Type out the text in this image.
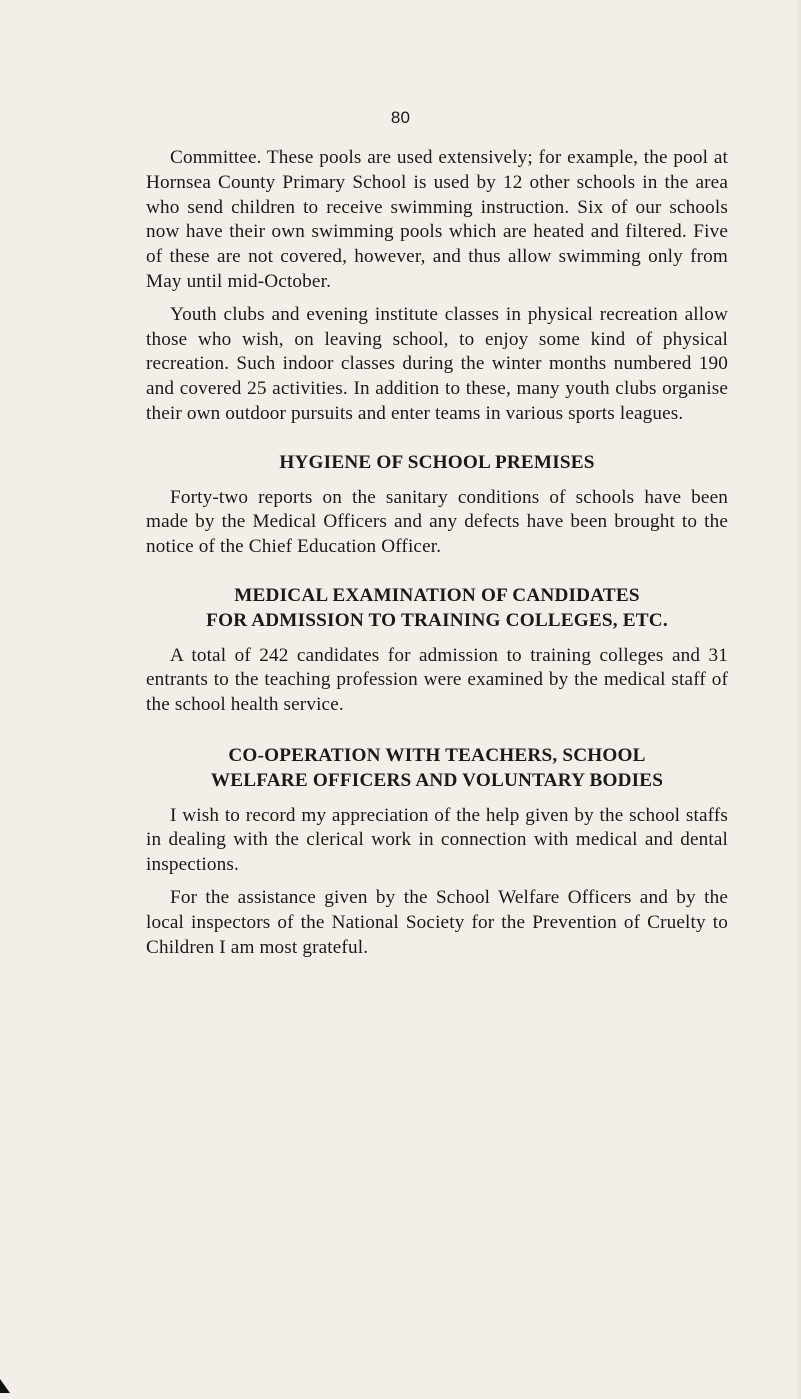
80

Committee. These pools are used extensively; for example, the pool at Hornsea County Primary School is used by 12 other schools in the area who send children to receive swimming instruction. Six of our schools now have their own swimming pools which are heated and filtered. Five of these are not covered, however, and thus allow swimming only from May until mid-October.

Youth clubs and evening institute classes in physical recreation allow those who wish, on leaving school, to enjoy some kind of physical recreation. Such indoor classes during the winter months numbered 190 and covered 25 activities. In addition to these, many youth clubs organise their own outdoor pursuits and enter teams in various sports leagues.

HYGIENE OF SCHOOL PREMISES

Forty-two reports on the sanitary conditions of schools have been made by the Medical Officers and any defects have been brought to the notice of the Chief Education Officer.

MEDICAL EXAMINATION OF CANDIDATES
FOR ADMISSION TO TRAINING COLLEGES, ETC.

A total of 242 candidates for admission to training colleges and 31 entrants to the teaching profession were examined by the medical staff of the school health service.

CO-OPERATION WITH TEACHERS, SCHOOL
WELFARE OFFICERS AND VOLUNTARY BODIES

I wish to record my appreciation of the help given by the school staffs in dealing with the clerical work in connection with medical and dental inspections.

For the assistance given by the School Welfare Officers and by the local inspectors of the National Society for the Prevention of Cruelty to Children I am most grateful.
